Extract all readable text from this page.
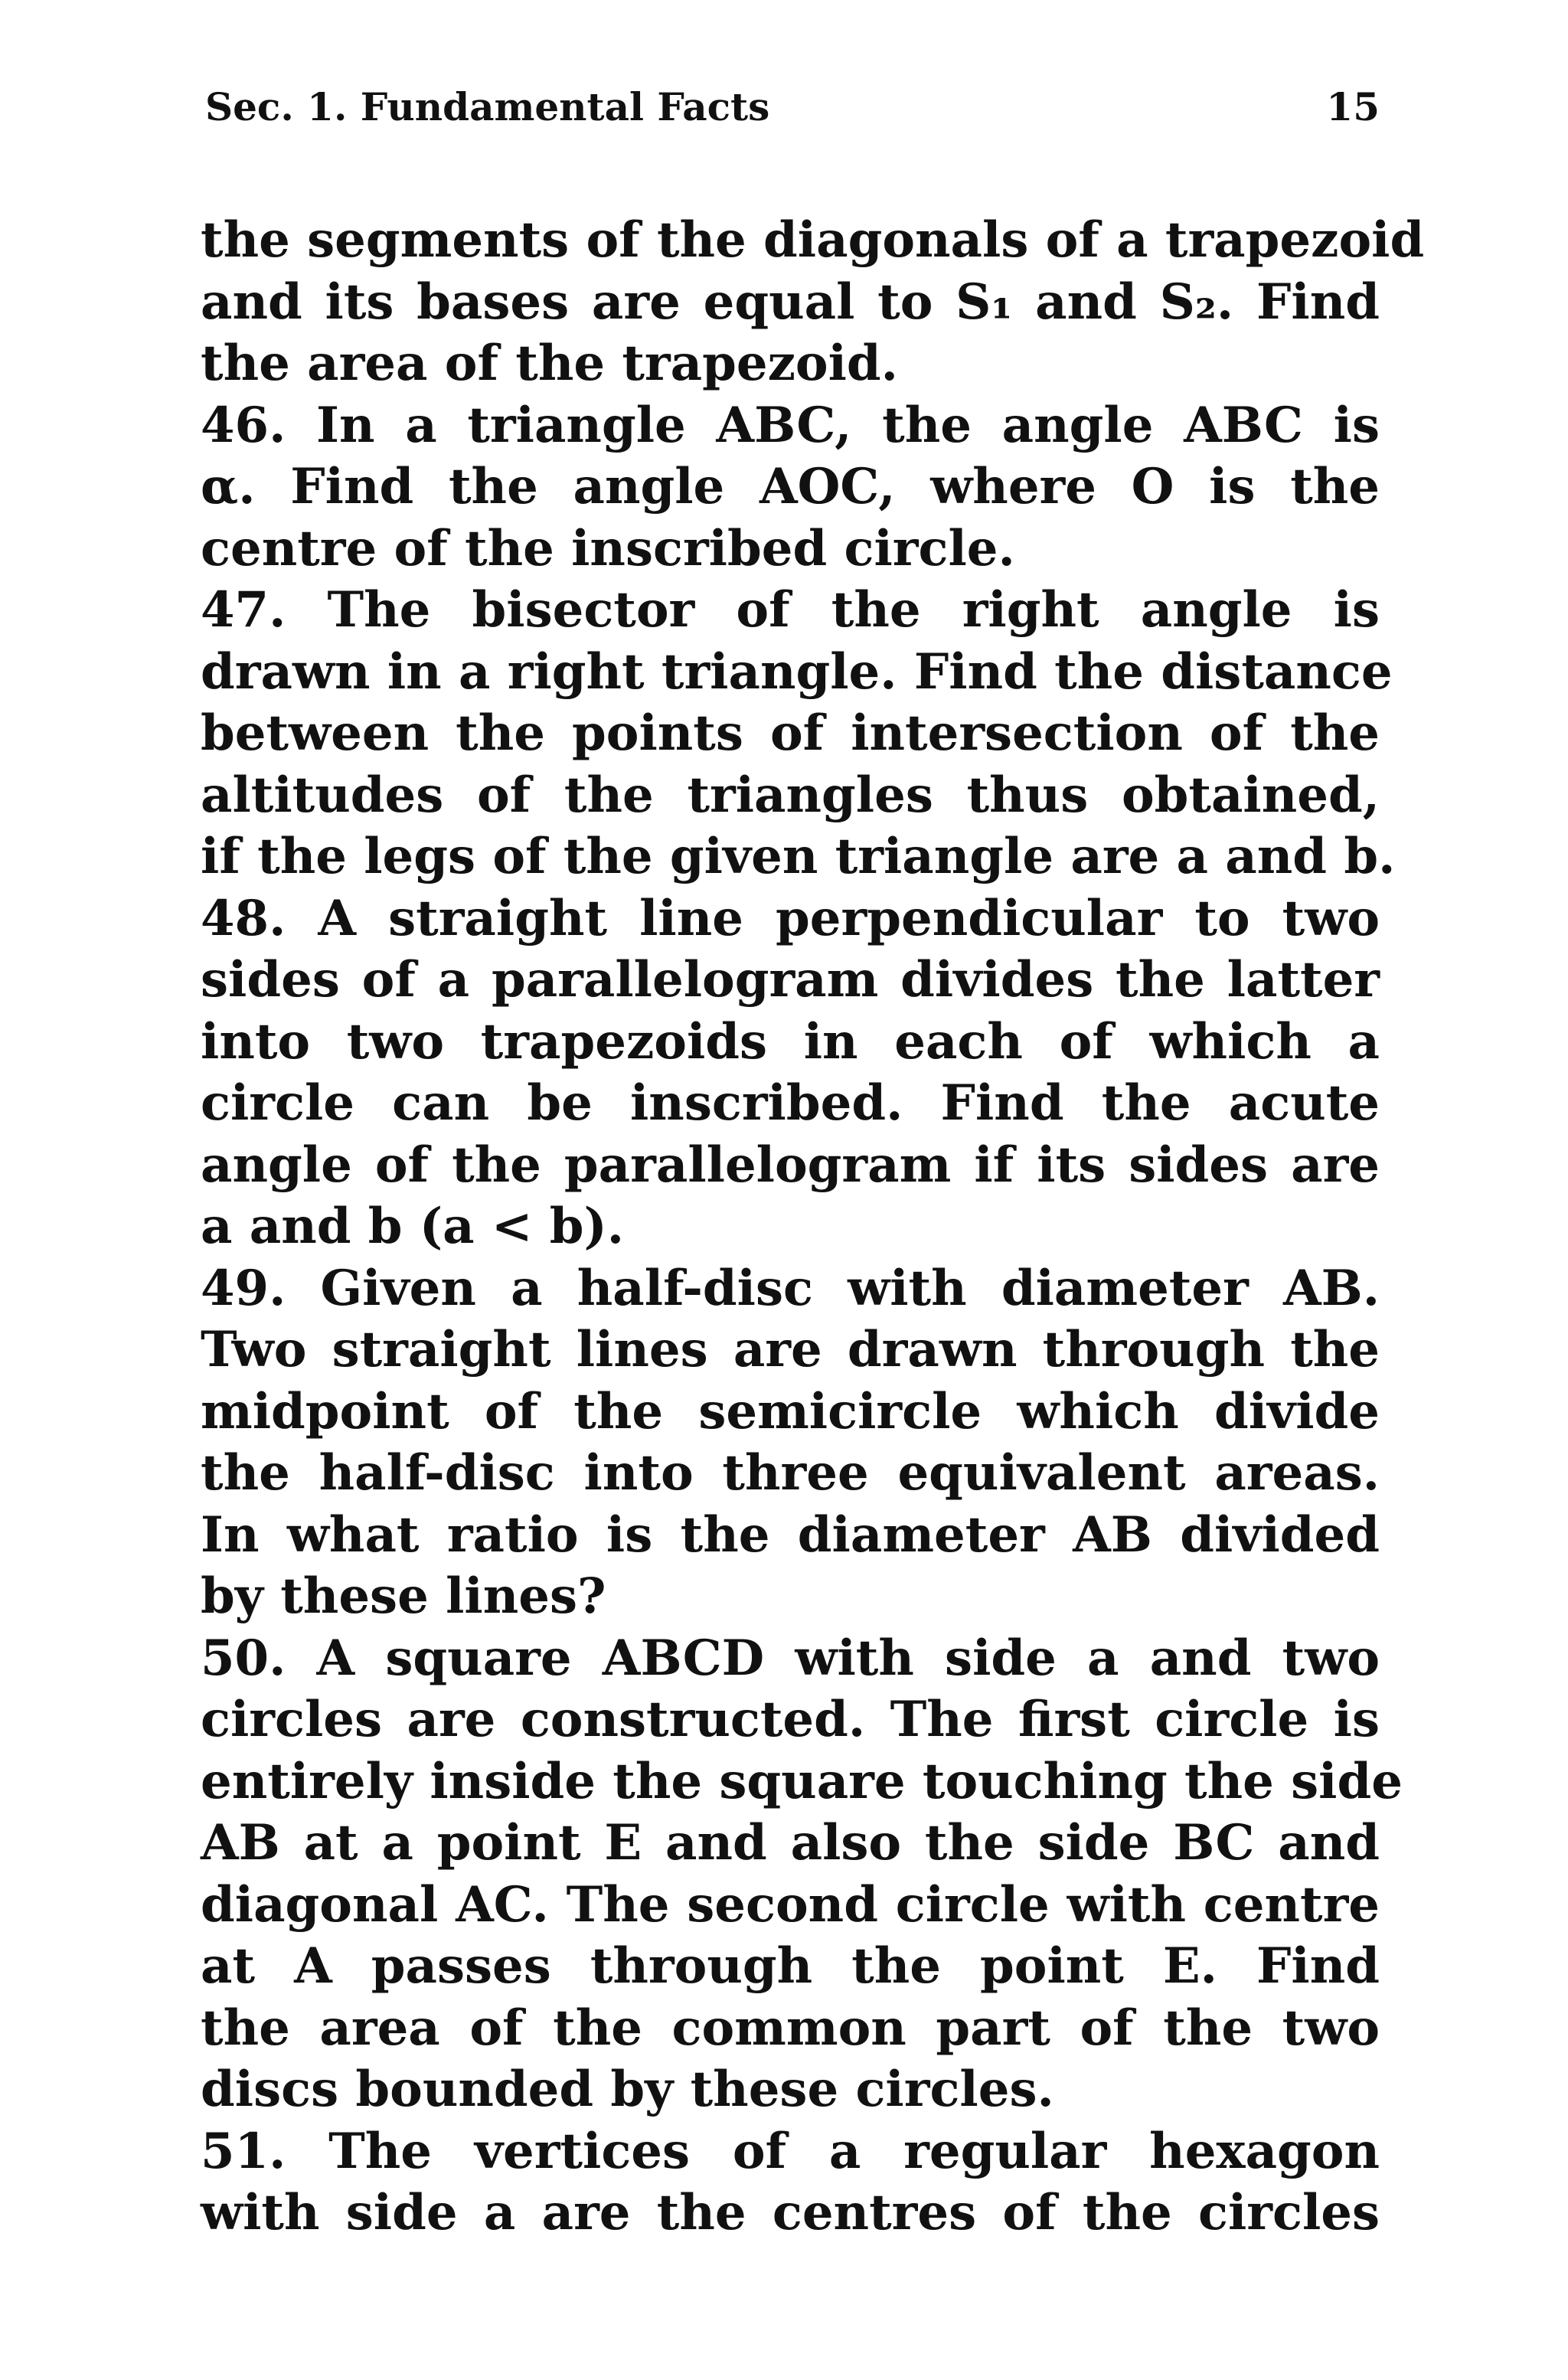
Sec. 1. Fundamental Facts	15
the segments of the diagonals of a trapezoid
and its bases are equal to S₁ and S₂. Find
the area of the trapezoid.
46. In a triangle ABC, the angle ABC is
α. Find the angle AOC, where O is the
centre of the inscribed circle.
47. The bisector of the right angle is
drawn in a right triangle. Find the distance
between the points of intersection of the
altitudes of the triangles thus obtained,
if the legs of the given triangle are a and b.
48. A straight line perpendicular to two
sides of a parallelogram divides the latter
into two trapezoids in each of which a
circle can be inscribed. Find the acute
angle of the parallelogram if its sides are
a and b (a < b).
49. Given a half-disc with diameter AB.
Two straight lines are drawn through the
midpoint of the semicircle which divide
the half-disc into three equivalent areas.
In what ratio is the diameter AB divided
by these lines?
50. A square ABCD with side a and two
circles are constructed. The first circle is
entirely inside the square touching the side
AB at a point E and also the side BC and
diagonal AC. The second circle with centre
at A passes through the point E. Find
the area of the common part of the two
discs bounded by these circles.
51. The vertices of a regular hexagon
with side a are the centres of the circles
